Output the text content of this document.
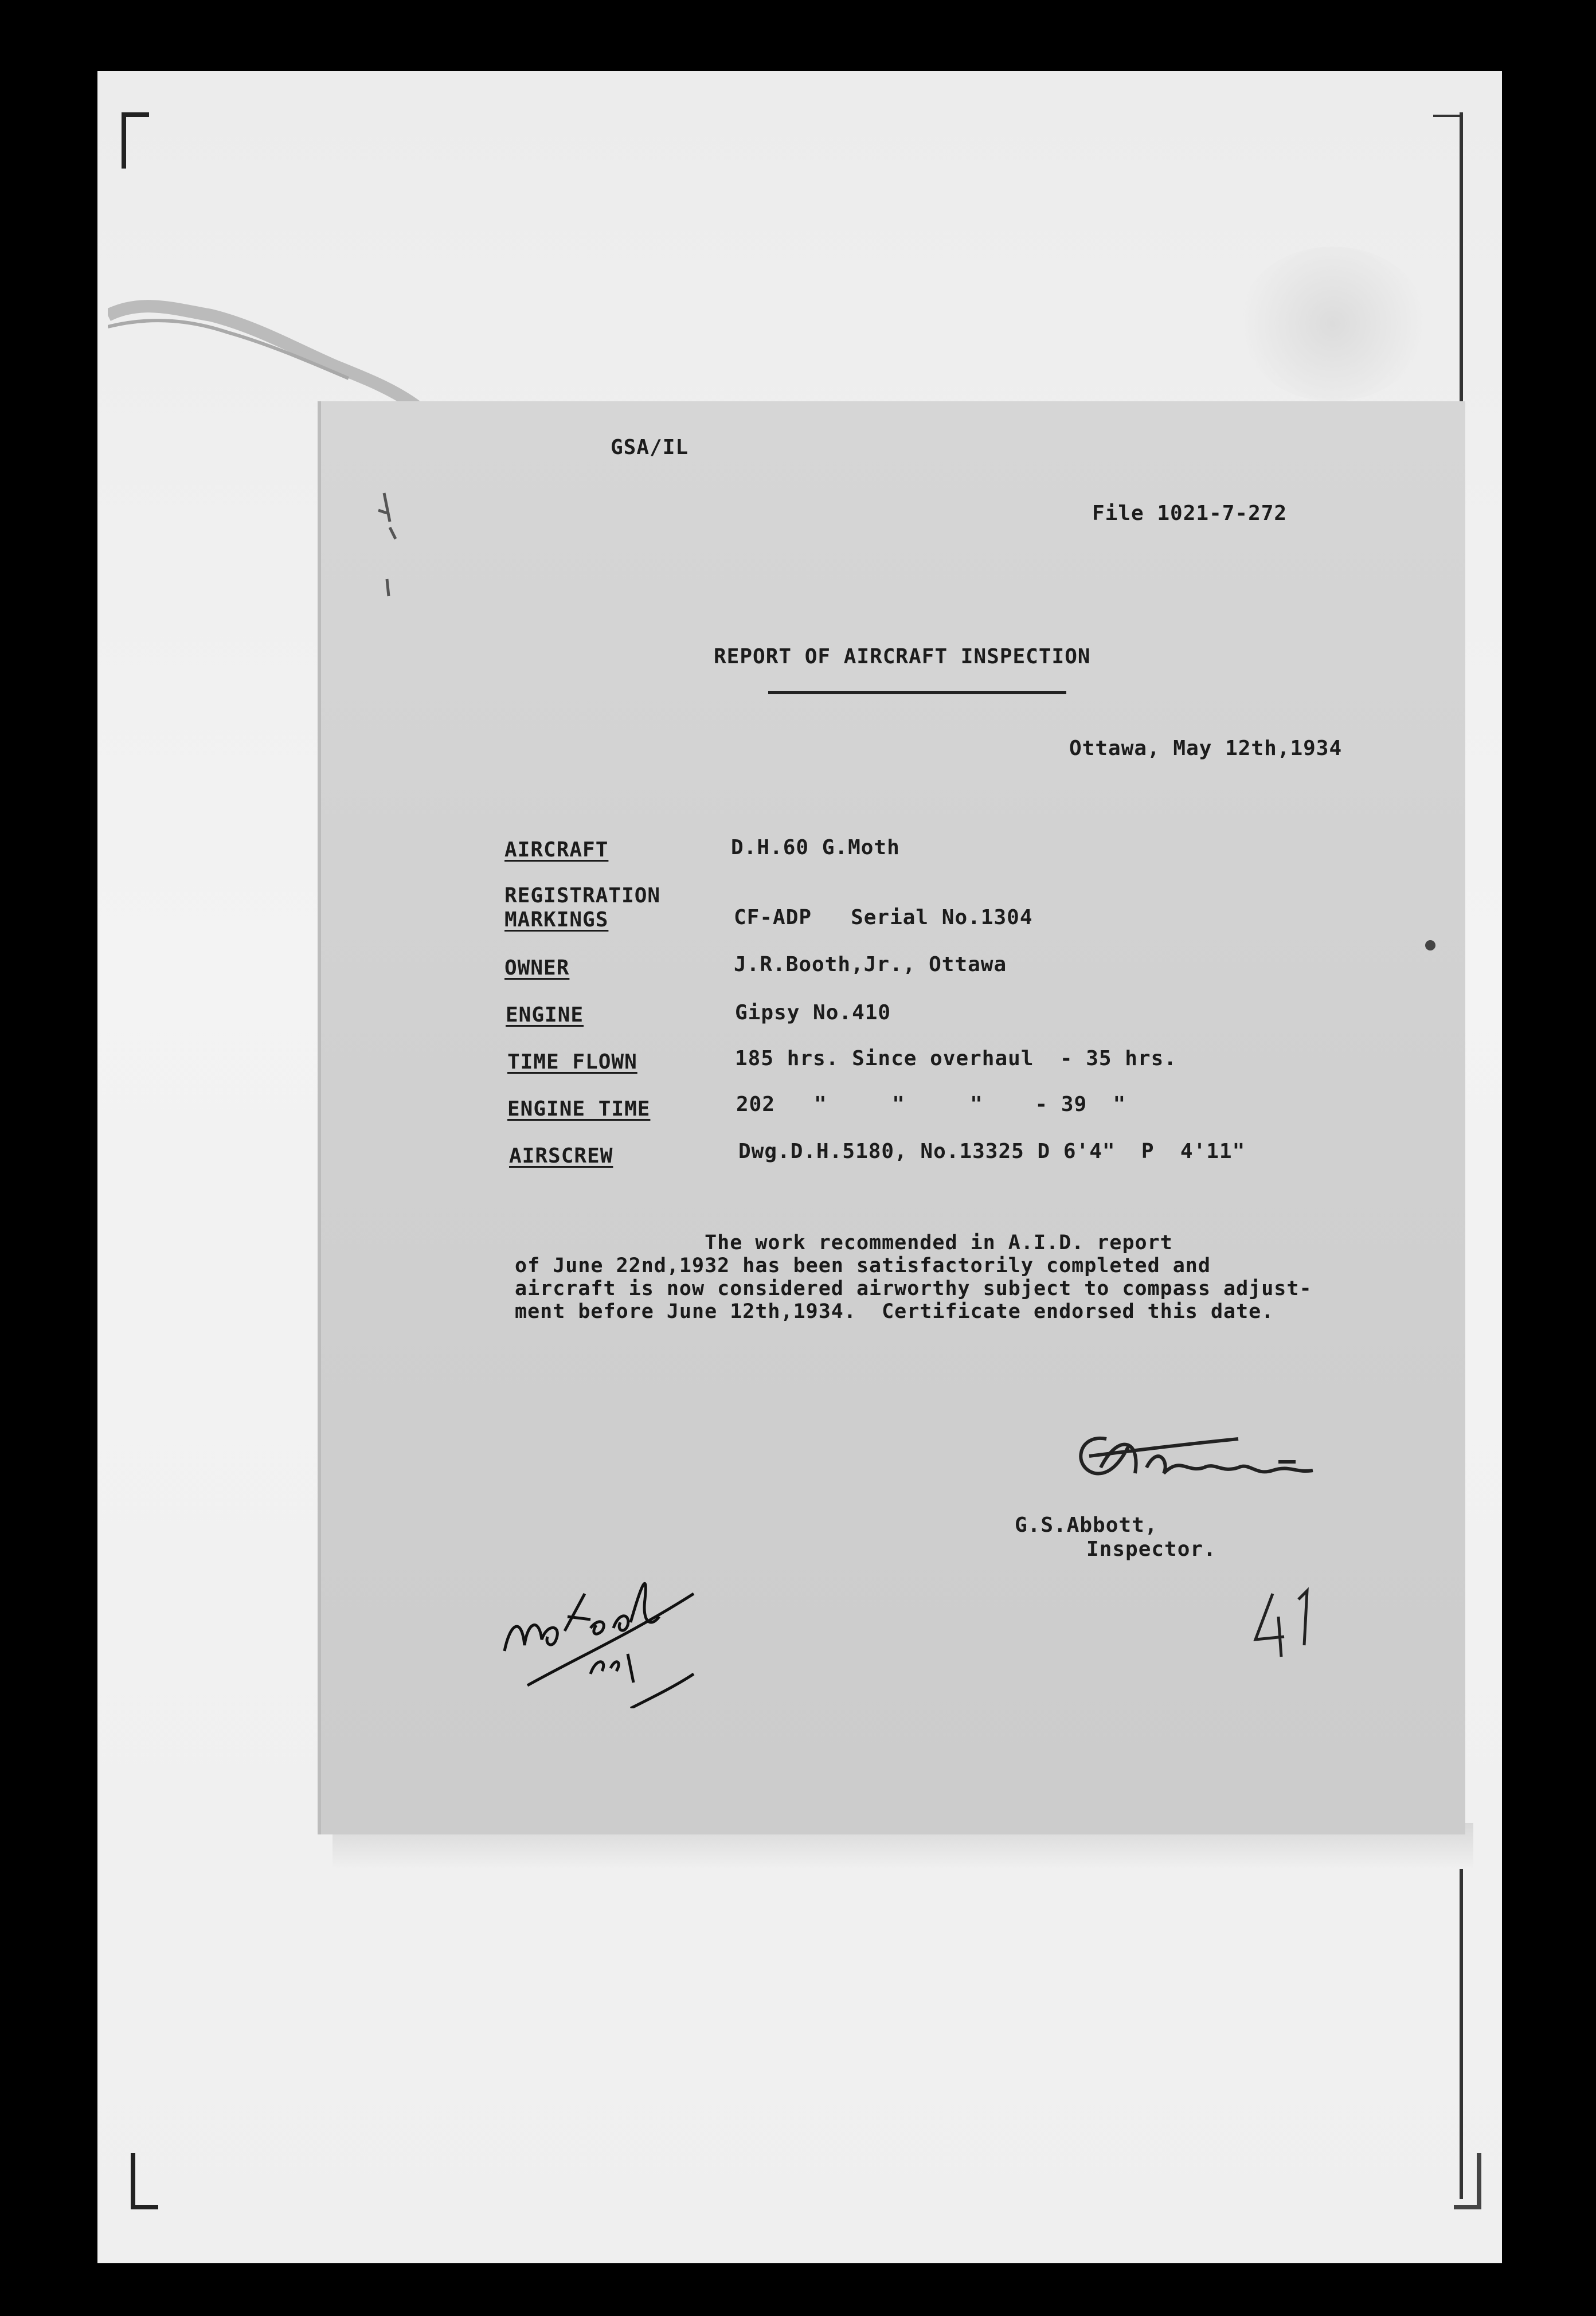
GSA/IL
File 1021-7-272
REPORT OF AIRCRAFT INSPECTION
Ottawa, May 12th,1934
AIRCRAFT	D.H.60 G.Moth
REGISTRATION
MARKINGS	CF-ADP   Serial No.1304
OWNER	J.R.Booth,Jr., Ottawa
ENGINE	Gipsy No.410
TIME FLOWN	185 hrs. Since overhaul  - 35 hrs.
ENGINE TIME	202   "     "     "    - 39  "
AIRSCREW	Dwg.D.H.5180, No.13325 D 6'4"  P  4'11"
The work recommended in A.I.D. report
of June 22nd,1932 has been satisfactorily completed and
aircraft is now considered airworthy subject to compass adjust-
ment before June 12th,1934.  Certificate endorsed this date.
G.S.Abbott,
Inspector.
